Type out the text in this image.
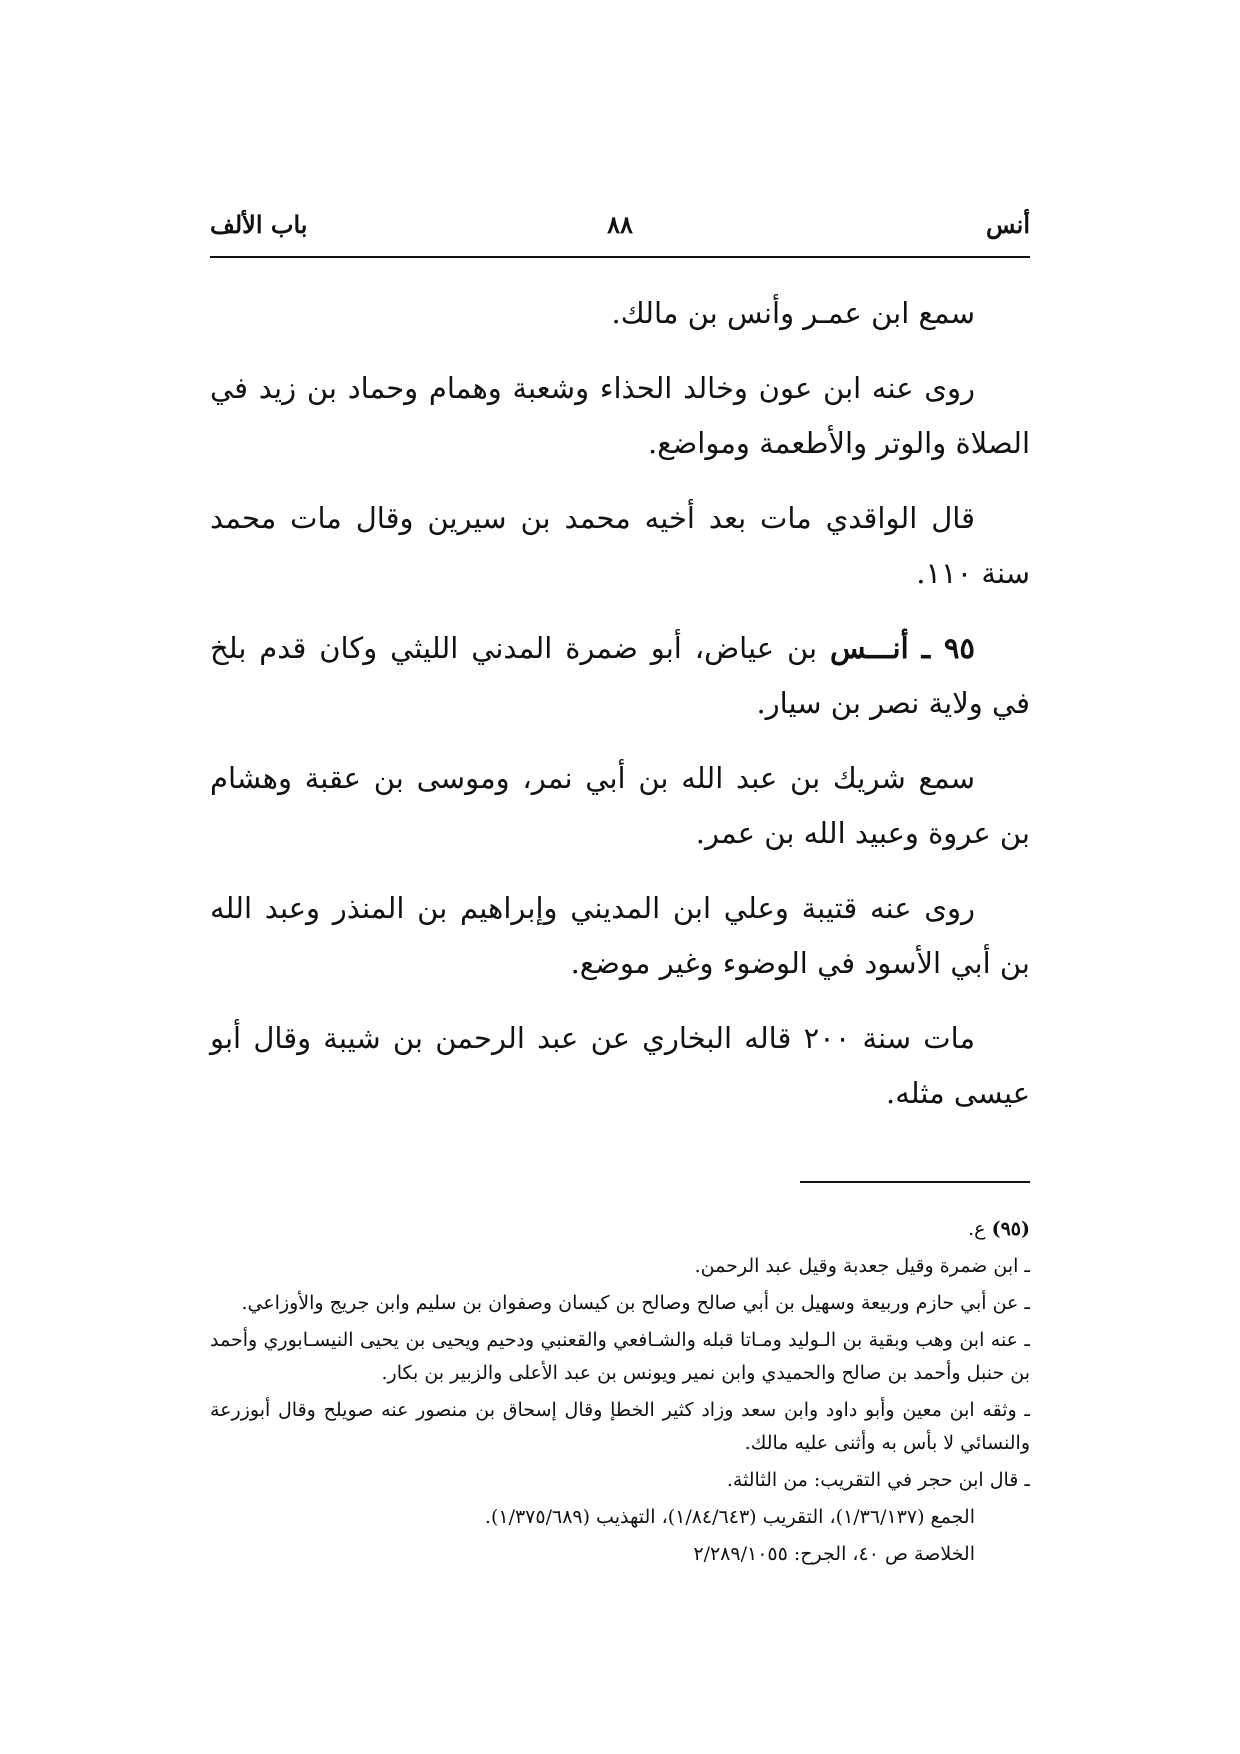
أنس
٨٨
باب الألف

سمع ابن عمـر وأنس بن مالك.

روى عنه ابن عون وخالد الحذاء وشعبة وهمام وحماد بن زيد في الصلاة والوتر والأطعمة ومواضع.

قال الواقدي مات بعد أخيه محمد بن سيرين وقال مات محمد سنة ١١٠.

٩٥ ـ أنـــس بن عياض، أبو ضمرة المدني الليثي وكان قدم بلخ في ولاية نصر بن سيار.

سمع شريك بن عبد الله بن أبي نمر، وموسى بن عقبة وهشام بن عروة وعبيد الله بن عمر.

روى عنه قتيبة وعلي ابن المديني وإبراهيم بن المنذر وعبد الله بن أبي الأسود في الوضوء وغير موضع.

مات سنة ٢٠٠ قاله البخاري عن عبد الرحمن بن شيبة وقال أبو عيسى مثله.

(٩٥) ع.

ـ ابن ضمرة وقيل جعدبة وقيل عبد الرحمن.

ـ عن أبي حازم وربيعة وسهيل بن أبي صالح وصالح بن كيسان وصفوان بن سليم وابن جريج والأوزاعي.

ـ عنه ابن وهب وبقية بن الـوليد ومـاتا قبله والشـافعي والقعنبي ودحيم ويحيى بن يحيى النيسـابوري وأحمد بن حنبل وأحمد بن صالح والحميدي وابن نمير ويونس بن عبد الأعلى والزبير بن بكار.

ـ وثقه ابن معين وأبو داود وابن سعد وزاد كثير الخطإ وقال إسحاق بن منصور عنه صويلح وقال أبوزرعة والنسائي لا بأس به وأثنى عليه مالك.

ـ قال ابن حجر في التقريب: من الثالثة.

الجمع (١/٣٦/١٣٧)، التقريب (١/٨٤/٦٤٣)، التهذيب (١/٣٧٥/٦٨٩).

الخلاصة ص ٤٠، الجرح: ٢/٢٨٩/١٠٥٥
